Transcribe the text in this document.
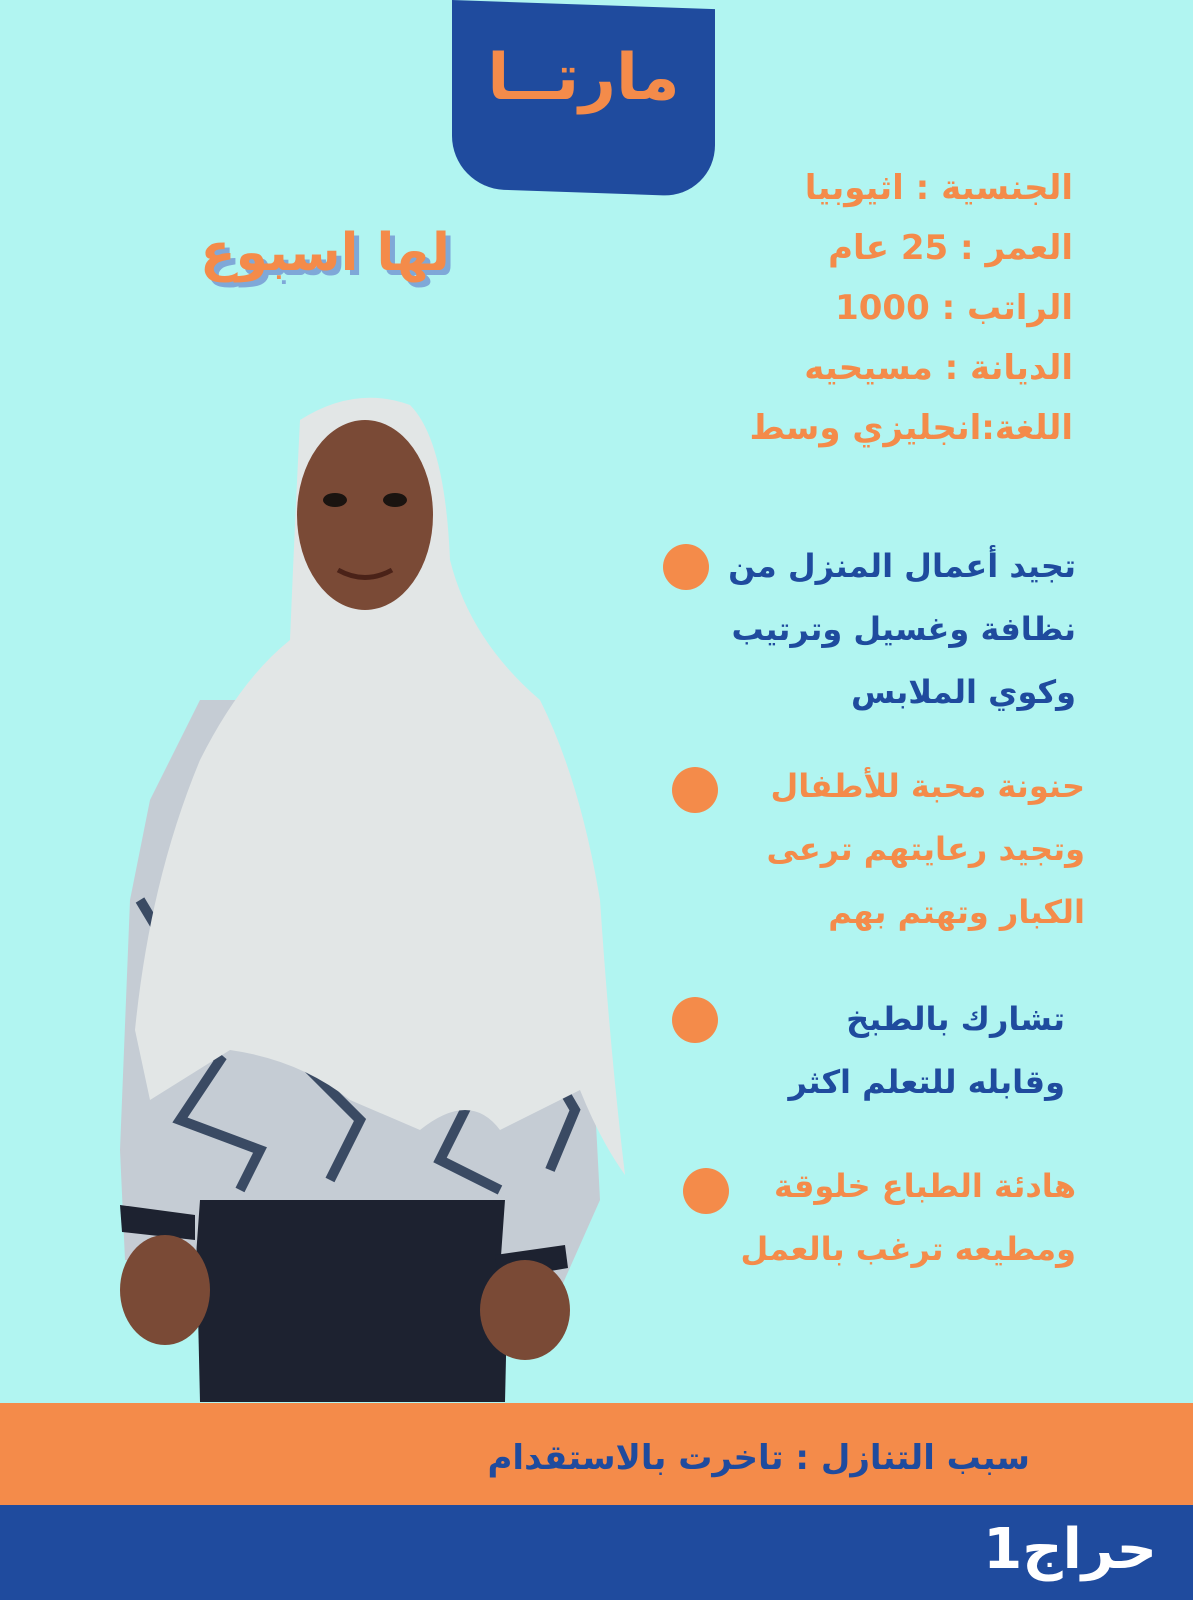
مارتــا
لها اسبوع
الجنسية : اثيوبيا
العمر : 25 عام
الراتب : 1000
الديانة : مسيحيه
اللغة:انجليزي وسط
تجيد أعمال المنزل من
نظافة وغسيل وترتيب
وكوي الملابس
حنونة محبة للأطفال
وتجيد رعايتهم ترعى
الكبار وتهتم بهم
تشارك بالطبخ
وقابله للتعلم اكثر
هادئة الطباع خلوقة
ومطيعه ترغب بالعمل
سبب التنازل : تاخرت بالاستقدام
حراج1
